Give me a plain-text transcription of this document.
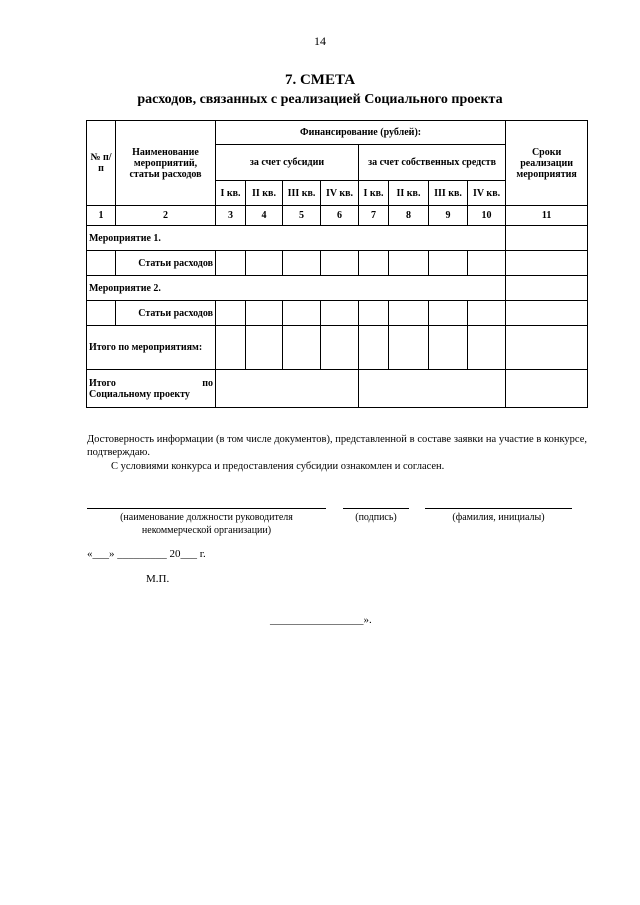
14
7. СМЕТА
расходов, связанных с реализацией Социального проекта
№ п/п	Наименование мероприятий, статьи расходов	Финансирование (рублей):								Сроки реализации мероприятия
		за счет субсидии				за счет собственных средств				
		I кв.	II кв.	III кв.	IV кв.	I кв.	II кв.	III кв.	IV кв.	
1	2	3	4	5	6	7	8	9	10	11
Мероприятие 1.										
	Статьи расходов									
Мероприятие 2.										
	Статьи расходов									
Итого по мероприятиям:										

Итого по
Социальному проекту										

Достоверность информации (в том числе документов), представленной в составе заявки на участие в конкурсе, подтверждаю.
С условиями конкурса и предоставления субсидии ознакомлен и согласен.
(наименование должности руководителя
некоммерческой организации)
(подпись)	(фамилия, инициалы)
«___» _________ 20___ г.
М.П.
_________________».
